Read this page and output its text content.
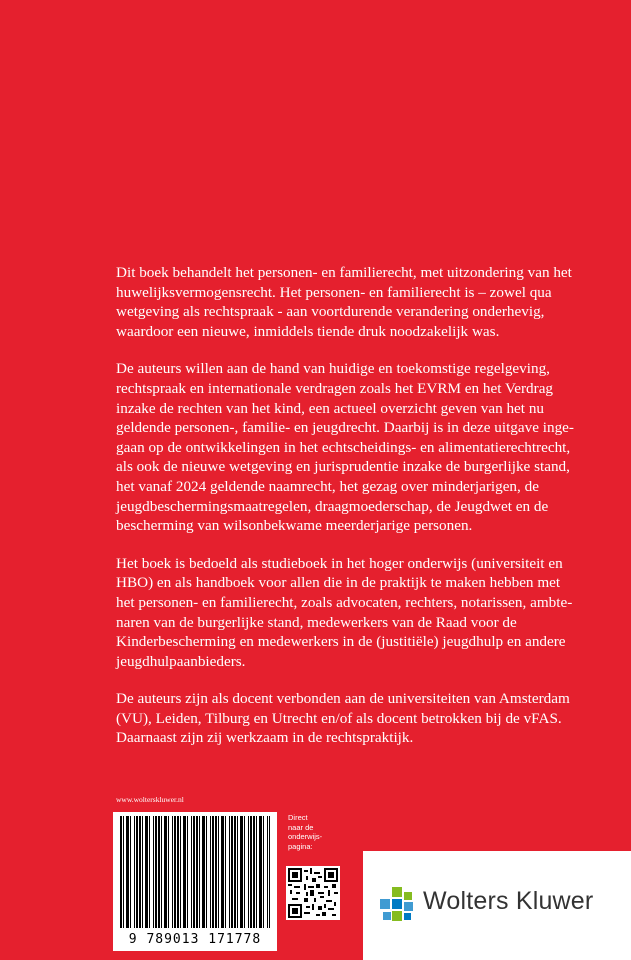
Dit boek behandelt het personen- en familierecht, met uitzondering van het
huwelijksvermogensrecht. Het personen- en familierecht is – zowel qua
wetgeving als rechtspraak - aan voortdurende verandering onderhevig,
waardoor een nieuwe, inmiddels tiende druk noodzakelijk was.

De auteurs willen aan de hand van huidige en toekomstige regelgeving,
rechtspraak en internationale verdragen zoals het EVRM en het Verdrag
inzake de rechten van het kind, een actueel overzicht geven van het nu
geldende personen-, familie- en jeugdrecht. Daarbij is in deze uitgave inge-
gaan op de ontwikkelingen in het echtscheidings- en alimentatierechtrecht,
als ook de nieuwe wetgeving en jurisprudentie inzake de burgerlijke stand,
het vanaf 2024 geldende naamrecht, het gezag over minderjarigen, de
jeugdbeschermingsmaatregelen, draagmoederschap, de Jeugdwet en de
bescherming van wilsonbekwame meerderjarige personen.

Het boek is bedoeld als studieboek in het hoger onderwijs (universiteit en
HBO) en als handboek voor allen die in de praktijk te maken hebben met
het personen- en familierecht, zoals advocaten, rechters, notarissen, ambte-
naren van de burgerlijke stand, medewerkers van de Raad voor de
Kinderbescherming en medewerkers in de (justitiële) jeugdhulp en andere
jeugdhulpaanbieders.

De auteurs zijn als docent verbonden aan de universiteiten van Amsterdam
(VU), Leiden, Tilburg en Utrecht en/of als docent betrokken bij de vFAS.
Daarnaast zijn zij werkzaam in de rechtspraktijk.

www.wolterskluwer.nl
9 789013 171778
Direct
naar de
onderwijs-
pagina:
Wolters Kluwer
